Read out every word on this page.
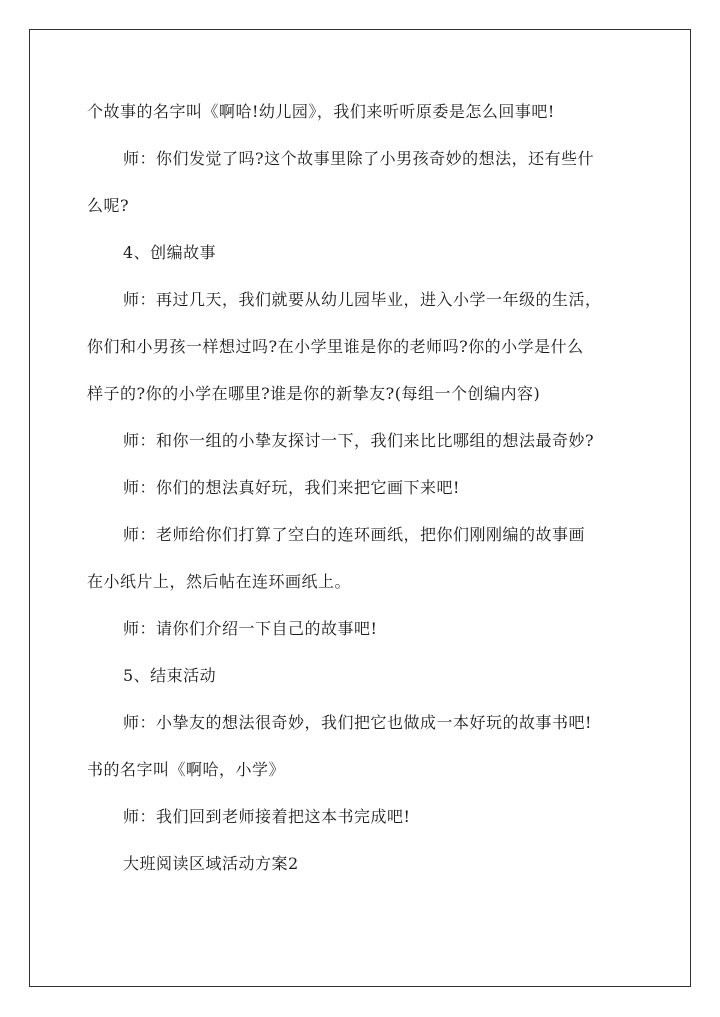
个故事的名字叫《啊哈!幼儿园》，我们来听听原委是怎么回事吧!
师：你们发觉了吗?这个故事里除了小男孩奇妙的想法，还有些什
么呢?
4、创编故事
师：再过几天，我们就要从幼儿园毕业，进入小学一年级的生活，
你们和小男孩一样想过吗?在小学里谁是你的老师吗?你的小学是什么
样子的?你的小学在哪里?谁是你的新挚友?(每组一个创编内容)
师：和你一组的小挚友探讨一下，我们来比比哪组的想法最奇妙?
师：你们的想法真好玩，我们来把它画下来吧!
师：老师给你们打算了空白的连环画纸，把你们刚刚编的故事画
在小纸片上，然后帖在连环画纸上。
师：请你们介绍一下自己的故事吧!
5、结束活动
师：小挚友的想法很奇妙，我们把它也做成一本好玩的故事书吧!
书的名字叫《啊哈，小学》
师：我们回到老师接着把这本书完成吧!
大班阅读区域活动方案2
